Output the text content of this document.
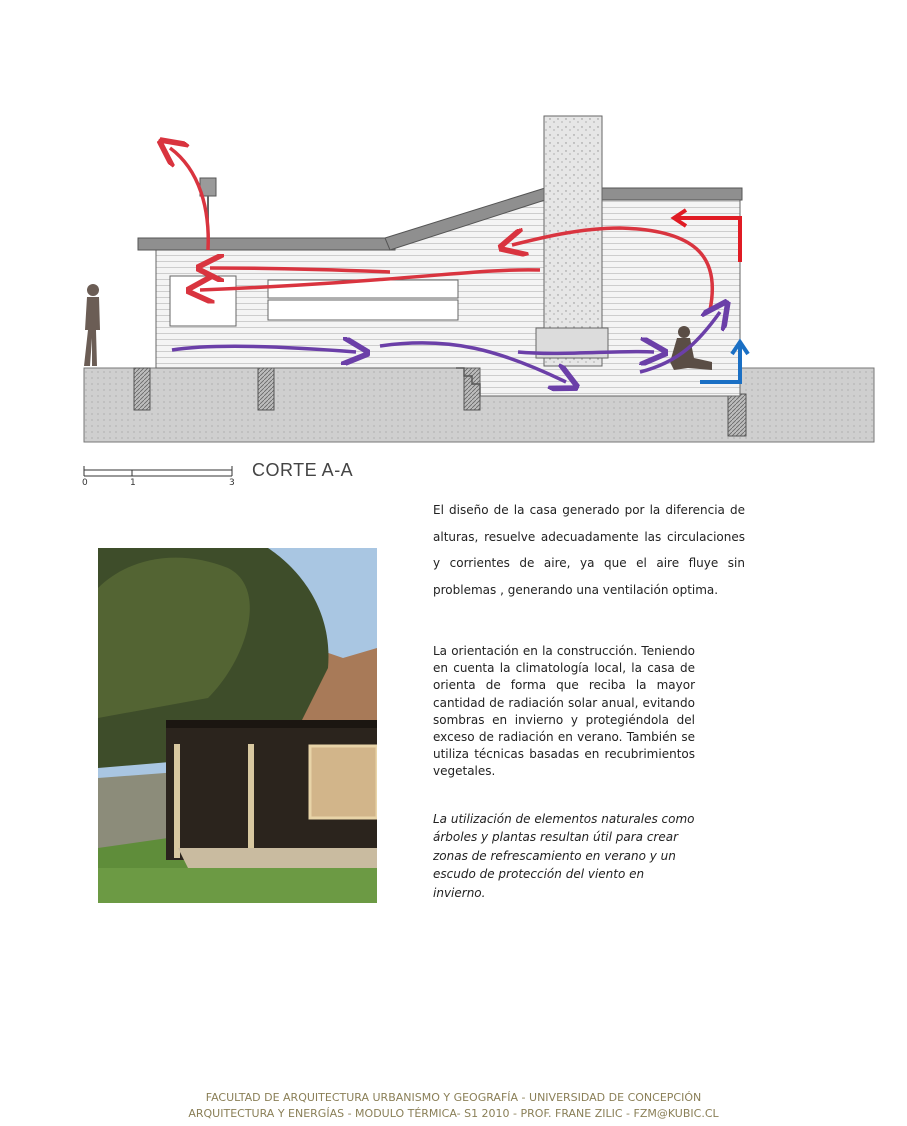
0	1	3
CORTE A-A
El diseño de la casa generado por la diferencia de alturas, resuelve adecuadamente las circulaciones y corrientes de aire, ya que el aire fluye sin problemas , generando una ventilación optima.
La orientación en la construcción. Teniendo en cuenta la climatología local, la casa de orienta de forma que reciba la mayor cantidad de radiación solar anual, evitando sombras en invierno y protegiéndola del exceso de radiación en verano. También se utiliza técnicas basadas en recubrimientos vegetales.
La utilización de elementos naturales como árboles y plantas resultan útil para crear zonas de refrescamiento en verano y un escudo de protección del viento en invierno.
FACULTAD DE ARQUITECTURA URBANISMO Y GEOGRAFÍA - UNIVERSIDAD DE CONCEPCIÓN
ARQUITECTURA Y ENERGÍAS - MODULO TÉRMICA- S1 2010 - PROF. FRANE ZILIC - FZM@KUBIC.CL
